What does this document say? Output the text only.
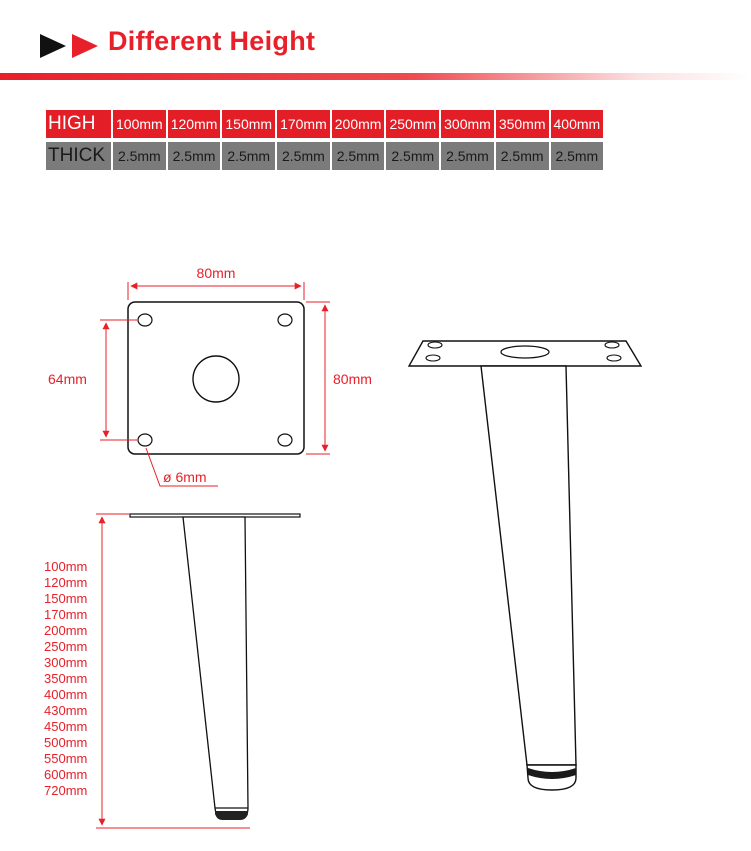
Different Height
HIGH	100mm	120mm	150mm	170mm	200mm	250mm	300mm	350mm	400mm

THICK	2.5mm	2.5mm	2.5mm	2.5mm	2.5mm	2.5mm	2.5mm	2.5mm	2.5mm
80mm
80mm
64mm
ø 6mm
100mm
120mm
150mm
170mm
200mm
250mm
300mm
350mm
400mm
430mm
450mm
500mm
550mm
600mm
720mm
